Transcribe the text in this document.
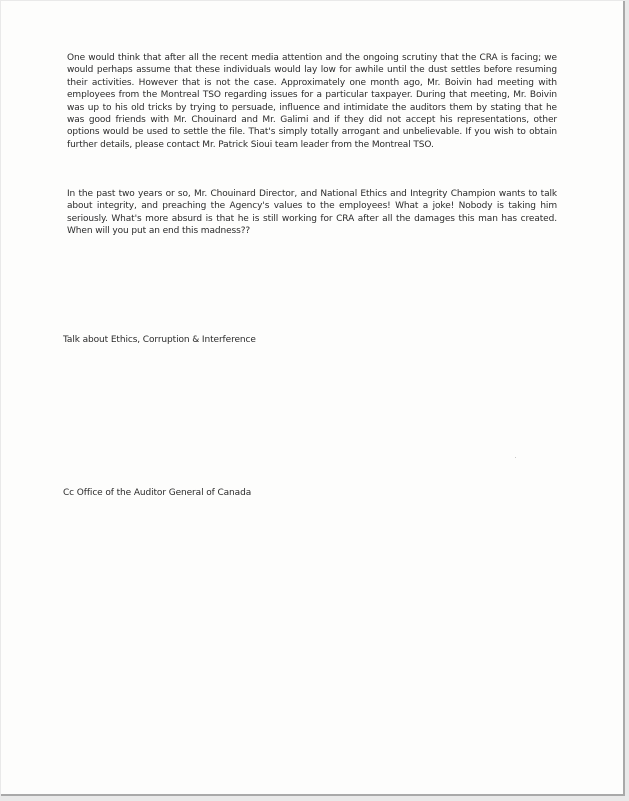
One would think that after all the recent media attention and the ongoing scrutiny that the CRA is facing; we would perhaps assume that these individuals would lay low for awhile until the dust settles before resuming their activities. However that is not the case. Approximately one month ago, Mr. Boivin had meeting with employees from the Montreal TSO regarding issues for a particular taxpayer. During that meeting, Mr. Boivin was up to his old tricks by trying to persuade, influence and intimidate the auditors them by stating that he was good friends with Mr. Chouinard and Mr. Galimi and if they did not accept his representations, other options would be used to settle the file. That's simply totally arrogant and unbelievable. If you wish to obtain further details, please contact Mr. Patrick Sioui team leader from the Montreal TSO.
In the past two years or so, Mr. Chouinard Director, and National Ethics and Integrity Champion wants to talk about integrity, and preaching the Agency's values to the employees! What a joke! Nobody is taking him seriously. What's more absurd is that he is still working for CRA after all the damages this man has created. When will you put an end this madness??
Talk about Ethics, Corruption & Interference
Cc Office of the Auditor General of Canada
